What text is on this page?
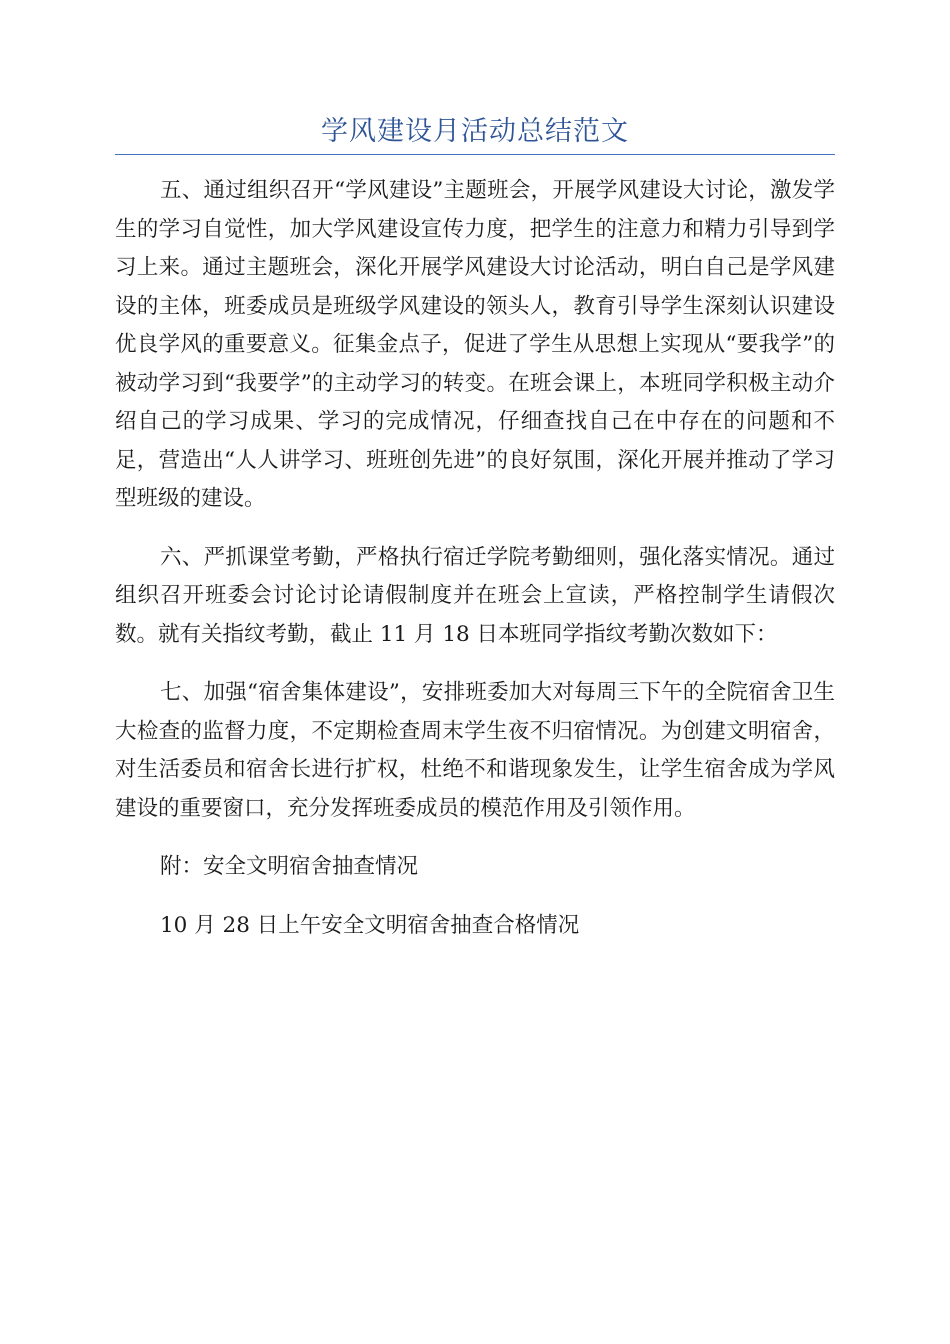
学风建设月活动总结范文

五、通过组织召开“学风建设”主题班会，开展学风建设大讨论，激发学生的学习自觉性，加大学风建设宣传力度，把学生的注意力和精力引导到学习上来。通过主题班会，深化开展学风建设大讨论活动，明白自己是学风建设的主体，班委成员是班级学风建设的领头人，教育引导学生深刻认识建设优良学风的重要意义。征集金点子，促进了学生从思想上实现从“要我学”的被动学习到“我要学”的主动学习的转变。在班会课上，本班同学积极主动介绍自己的学习成果、学习的完成情况，仔细查找自己在中存在的问题和不足，营造出“人人讲学习、班班创先进”的良好氛围，深化开展并推动了学习型班级的建设。

六、严抓课堂考勤，严格执行宿迁学院考勤细则，强化落实情况。通过组织召开班委会讨论讨论请假制度并在班会上宣读，严格控制学生请假次数。就有关指纹考勤，截止 11 月 18 日本班同学指纹考勤次数如下：

七、加强“宿舍集体建设”，安排班委加大对每周三下午的全院宿舍卫生大检查的监督力度，不定期检查周末学生夜不归宿情况。为创建文明宿舍，对生活委员和宿舍长进行扩权，杜绝不和谐现象发生，让学生宿舍成为学风建设的重要窗口，充分发挥班委成员的模范作用及引领作用。

附：安全文明宿舍抽查情况

10 月 28 日上午安全文明宿舍抽查合格情况
